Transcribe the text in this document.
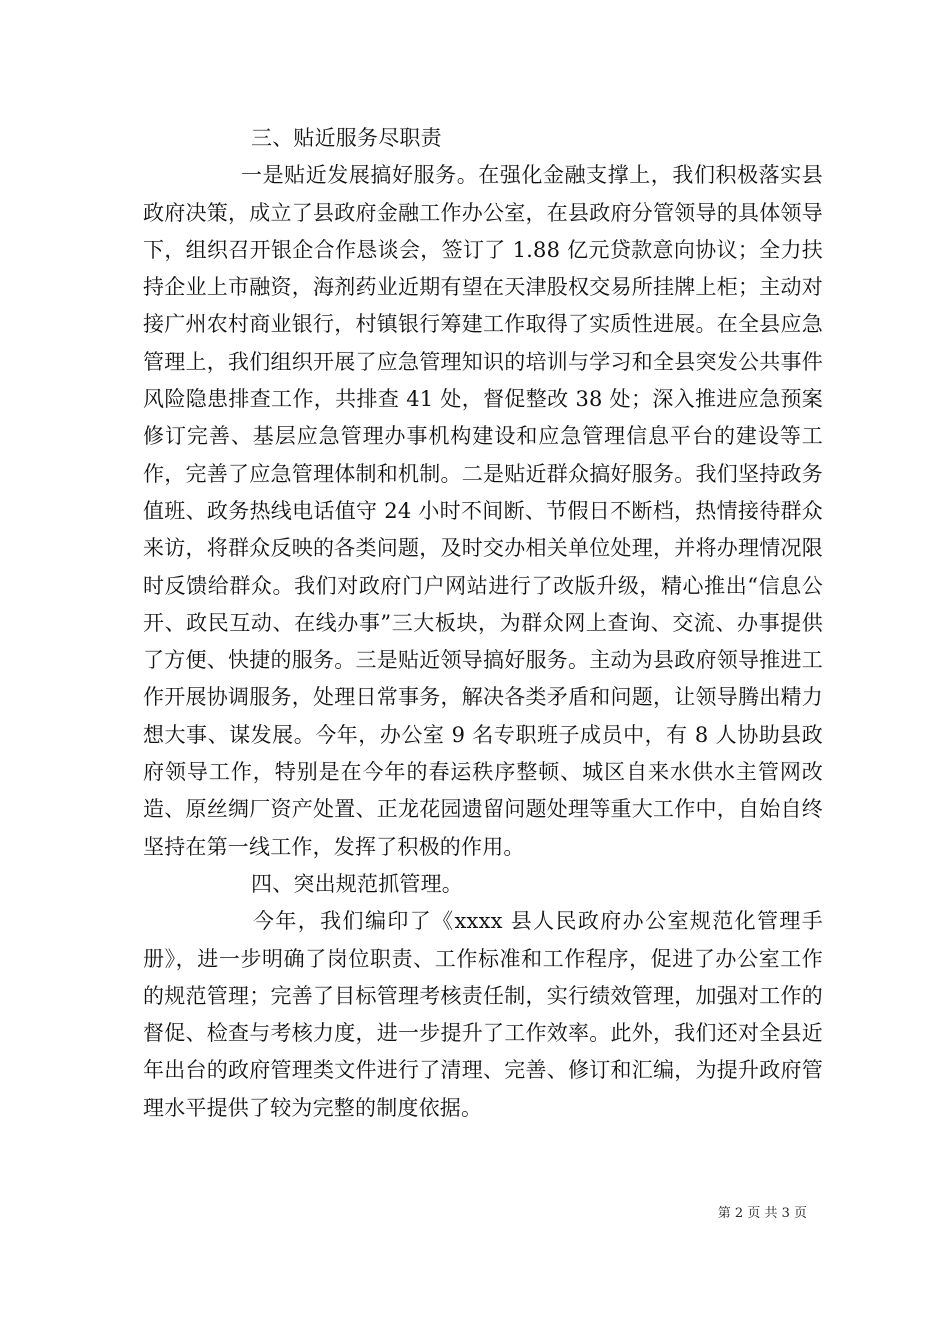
三、贴近服务尽职责

一是贴近发展搞好服务。在强化金融支撑上，我们积极落实县政府决策，成立了县政府金融工作办公室，在县政府分管领导的具体领导下，组织召开银企合作恳谈会，签订了 1.88 亿元贷款意向协议；全力扶持企业上市融资，海剂药业近期有望在天津股权交易所挂牌上柜；主动对接广州农村商业银行，村镇银行筹建工作取得了实质性进展。在全县应急管理上，我们组织开展了应急管理知识的培训与学习和全县突发公共事件风险隐患排查工作，共排查 41 处，督促整改 38 处；深入推进应急预案修订完善、基层应急管理办事机构建设和应急管理信息平台的建设等工作，完善了应急管理体制和机制。二是贴近群众搞好服务。我们坚持政务值班、政务热线电话值守 24 小时不间断、节假日不断档，热情接待群众来访，将群众反映的各类问题，及时交办相关单位处理，并将办理情况限时反馈给群众。我们对政府门户网站进行了改版升级，精心推出“信息公开、政民互动、在线办事”三大板块，为群众网上查询、交流、办事提供了方便、快捷的服务。三是贴近领导搞好服务。主动为县政府领导推进工作开展协调服务，处理日常事务，解决各类矛盾和问题，让领导腾出精力想大事、谋发展。今年，办公室 9 名专职班子成员中，有 8 人协助县政府领导工作，特别是在今年的春运秩序整顿、城区自来水供水主管网改造、原丝绸厂资产处置、正龙花园遗留问题处理等重大工作中，自始自终坚持在第一线工作，发挥了积极的作用。

四、突出规范抓管理。

今年，我们编印了《xxxx 县人民政府办公室规范化管理手册》，进一步明确了岗位职责、工作标准和工作程序，促进了办公室工作的规范管理；完善了目标管理考核责任制，实行绩效管理，加强对工作的督促、检查与考核力度，进一步提升了工作效率。此外，我们还对全县近年出台的政府管理类文件进行了清理、完善、修订和汇编，为提升政府管理水平提供了较为完整的制度依据。

第 2 页 共 3 页
